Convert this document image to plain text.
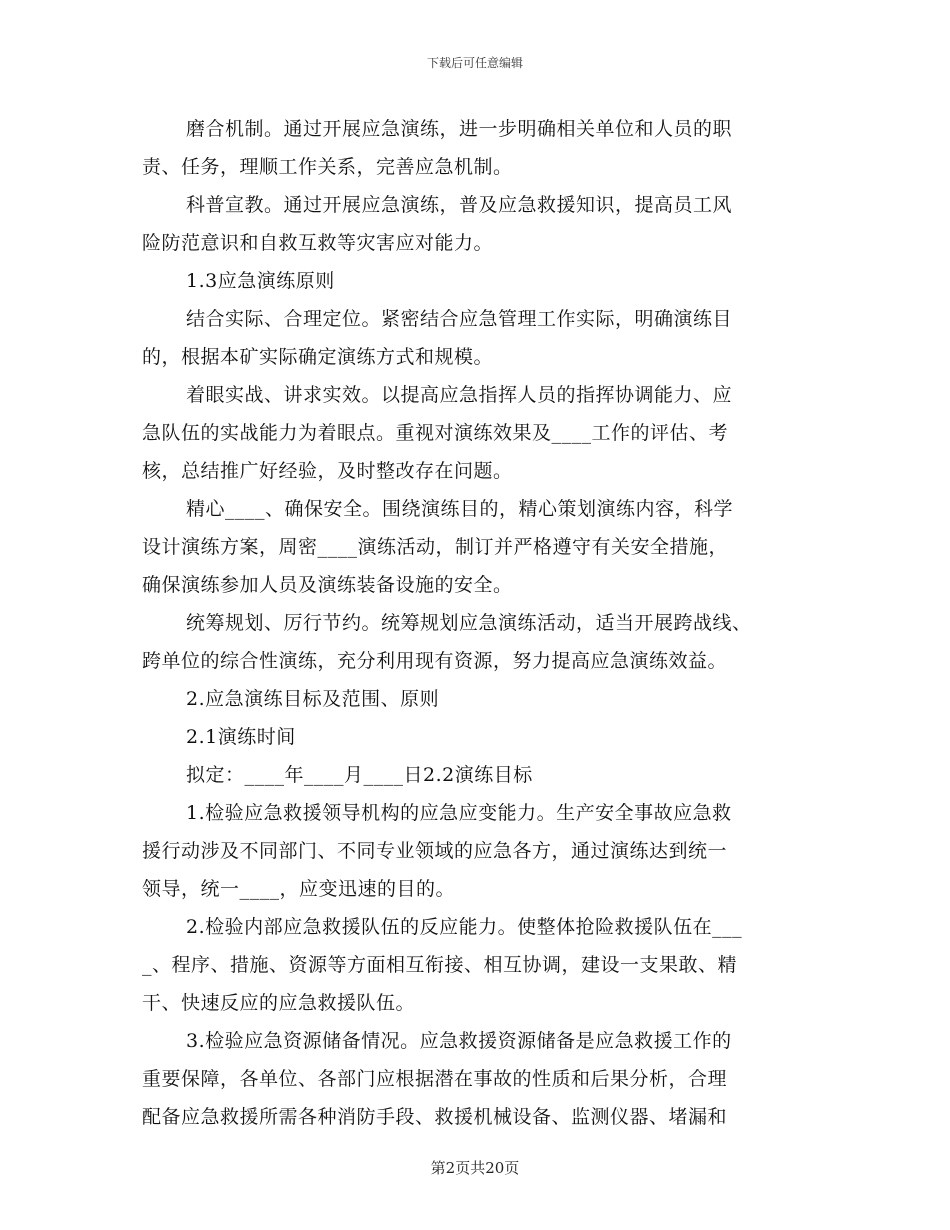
下载后可任意编辑
磨合机制。通过开展应急演练，进一步明确相关单位和人员的职
责、任务，理顺工作关系，完善应急机制。
科普宣教。通过开展应急演练，普及应急救援知识，提高员工风
险防范意识和自救互救等灾害应对能力。
1.3应急演练原则
结合实际、合理定位。紧密结合应急管理工作实际，明确演练目
的，根据本矿实际确定演练方式和规模。
着眼实战、讲求实效。以提高应急指挥人员的指挥协调能力、应
急队伍的实战能力为着眼点。重视对演练效果及____工作的评估、考
核，总结推广好经验，及时整改存在问题。
精心____、确保安全。围绕演练目的，精心策划演练内容，科学
设计演练方案，周密____演练活动，制订并严格遵守有关安全措施，
确保演练参加人员及演练装备设施的安全。
统筹规划、厉行节约。统筹规划应急演练活动，适当开展跨战线、
跨单位的综合性演练，充分利用现有资源，努力提高应急演练效益。
2.应急演练目标及范围、原则
2.1演练时间
拟定：____年____月____日2.2演练目标
1.检验应急救援领导机构的应急应变能力。生产安全事故应急救
援行动涉及不同部门、不同专业领域的应急各方，通过演练达到统一
领导，统一____，应变迅速的目的。
2.检验内部应急救援队伍的反应能力。使整体抢险救援队伍在___
_、程序、措施、资源等方面相互衔接、相互协调，建设一支果敢、精
干、快速反应的应急救援队伍。
3.检验应急资源储备情况。应急救援资源储备是应急救援工作的
重要保障，各单位、各部门应根据潜在事故的性质和后果分析，合理
配备应急救援所需各种消防手段、救援机械设备、监测仪器、堵漏和
第2页共20页
